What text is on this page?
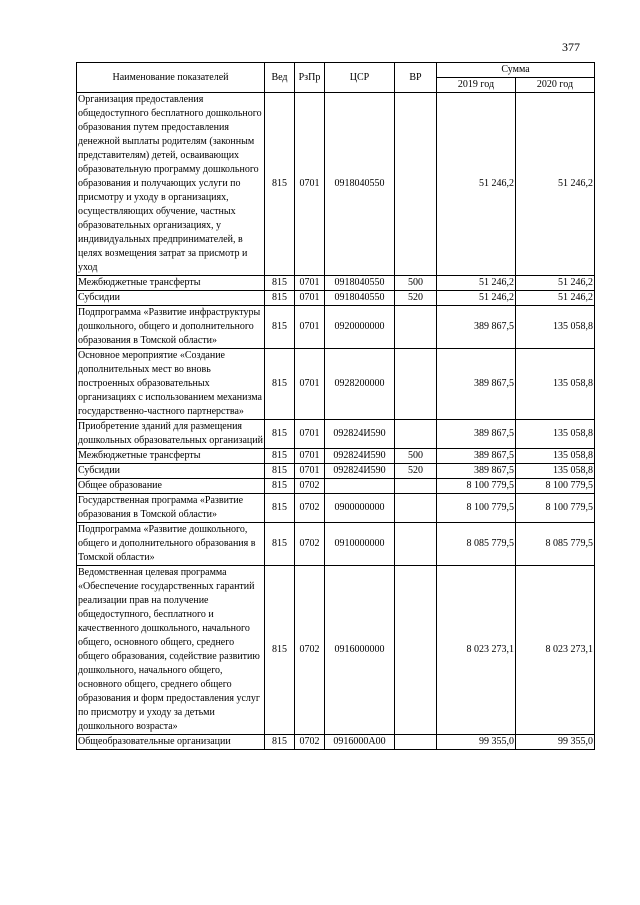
377
Наименование показателей	Вед	РзПр	ЦСР	ВР	Сумма	
					2019 год	2020 год
Организация предоставления общедоступного бесплатного дошкольного образования путем предоставления денежной выплаты родителям (законным представителям) детей, осваивающих образовательную программу дошкольного образования и получающих услуги по присмотру и уходу в организациях, осуществляющих обучение, частных образовательных организациях, у индивидуальных предпринимателей, в целях возмещения затрат за присмотр и уход	815	0701	0918040550		51 246,2	51 246,2
Межбюджетные трансферты	815	0701	0918040550	500	51 246,2	51 246,2
Субсидии	815	0701	0918040550	520	51 246,2	51 246,2
Подпрограмма «Развитие инфраструктуры дошкольного, общего и дополнительного образования в Томской области»	815	0701	0920000000		389 867,5	135 058,8
Основное мероприятие «Создание дополнительных мест во вновь построенных образовательных организациях с использованием механизма государственно-частного партнерства»	815	0701	0928200000		389 867,5	135 058,8
Приобретение зданий для размещения дошкольных образовательных организаций	815	0701	092824И590		389 867,5	135 058,8
Межбюджетные трансферты	815	0701	092824И590	500	389 867,5	135 058,8
Субсидии	815	0701	092824И590	520	389 867,5	135 058,8
Общее образование	815	0702			8 100 779,5	8 100 779,5
Государственная программа «Развитие образования в Томской области»	815	0702	0900000000		8 100 779,5	8 100 779,5
Подпрограмма «Развитие дошкольного, общего и дополнительного образования в Томской области»	815	0702	0910000000		8 085 779,5	8 085 779,5
Ведомственная целевая программа «Обеспечение государственных гарантий реализации прав на получение общедоступного, бесплатного и качественного дошкольного, начального общего, основного общего, среднего общего образования, содействие развитию дошкольного, начального общего, основного общего, среднего общего образования и форм предоставления услуг по присмотру и уходу за детьми дошкольного возраста»	815	0702	0916000000		8 023 273,1	8 023 273,1
Общеобразовательные организации	815	0702	0916000А00		99 355,0	99 355,0
